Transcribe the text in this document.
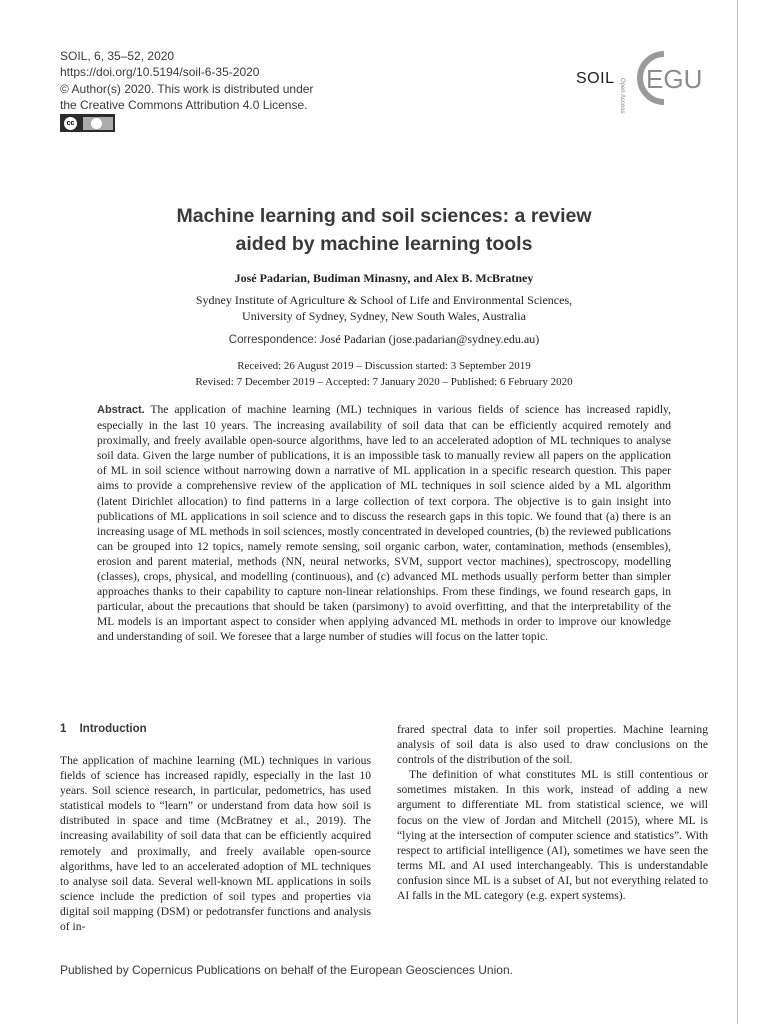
SOIL, 6, 35–52, 2020
https://doi.org/10.5194/soil-6-35-2020
© Author(s) 2020. This work is distributed under
the Creative Commons Attribution 4.0 License.
cc
SOIL Open Access EGU
Machine learning and soil sciences: a review
aided by machine learning tools
José Padarian, Budiman Minasny, and Alex B. McBratney
Sydney Institute of Agriculture & School of Life and Environmental Sciences,
University of Sydney, Sydney, New South Wales, Australia
Correspondence: José Padarian (jose.padarian@sydney.edu.au)
Received: 26 August 2019 – Discussion started: 3 September 2019
Revised: 7 December 2019 – Accepted: 7 January 2020 – Published: 6 February 2020
Abstract. The application of machine learning (ML) techniques in various fields of science has increased rapidly, especially in the last 10 years. The increasing availability of soil data that can be efficiently acquired remotely and proximally, and freely available open-source algorithms, have led to an accelerated adoption of ML techniques to analyse soil data. Given the large number of publications, it is an impossible task to manually review all papers on the application of ML in soil science without narrowing down a narrative of ML application in a specific research question. This paper aims to provide a comprehensive review of the application of ML techniques in soil science aided by a ML algorithm (latent Dirichlet allocation) to find patterns in a large collection of text corpora. The objective is to gain insight into publications of ML applications in soil science and to discuss the research gaps in this topic. We found that (a) there is an increasing usage of ML methods in soil sciences, mostly concentrated in developed countries, (b) the reviewed publications can be grouped into 12 topics, namely remote sensing, soil organic carbon, water, contamination, methods (ensembles), erosion and parent material, methods (NN, neural networks, SVM, support vector machines), spectroscopy, modelling (classes), crops, physical, and modelling (continuous), and (c) advanced ML methods usually perform better than simpler approaches thanks to their capability to capture non-linear relationships. From these findings, we found research gaps, in particular, about the precautions that should be taken (parsimony) to avoid overfitting, and that the interpretability of the ML models is an important aspect to consider when applying advanced ML methods in order to improve our knowledge and understanding of soil. We foresee that a large number of studies will focus on the latter topic.
1 Introduction

The application of machine learning (ML) techniques in various fields of science has increased rapidly, especially in the last 10 years. Soil science research, in particular, pedometrics, has used statistical models to “learn” or understand from data how soil is distributed in space and time (McBratney et al., 2019). The increasing availability of soil data that can be efficiently acquired remotely and proximally, and freely available open-source algorithms, have led to an accelerated adoption of ML techniques to analyse soil data. Several well-known ML applications in soils science include the prediction of soil types and properties via digital soil mapping (DSM) or pedotransfer functions and analysis of in-

frared spectral data to infer soil properties. Machine learning analysis of soil data is also used to draw conclusions on the controls of the distribution of the soil.

The definition of what constitutes ML is still contentious or sometimes mistaken. In this work, instead of adding a new argument to differentiate ML from statistical science, we will focus on the view of Jordan and Mitchell (2015), where ML is “lying at the intersection of computer science and statistics”. With respect to artificial intelligence (AI), sometimes we have seen the terms ML and AI used interchangeably. This is understandable confusion since ML is a subset of AI, but not everything related to AI falls in the ML category (e.g. expert systems).

Published by Copernicus Publications on behalf of the European Geosciences Union.
